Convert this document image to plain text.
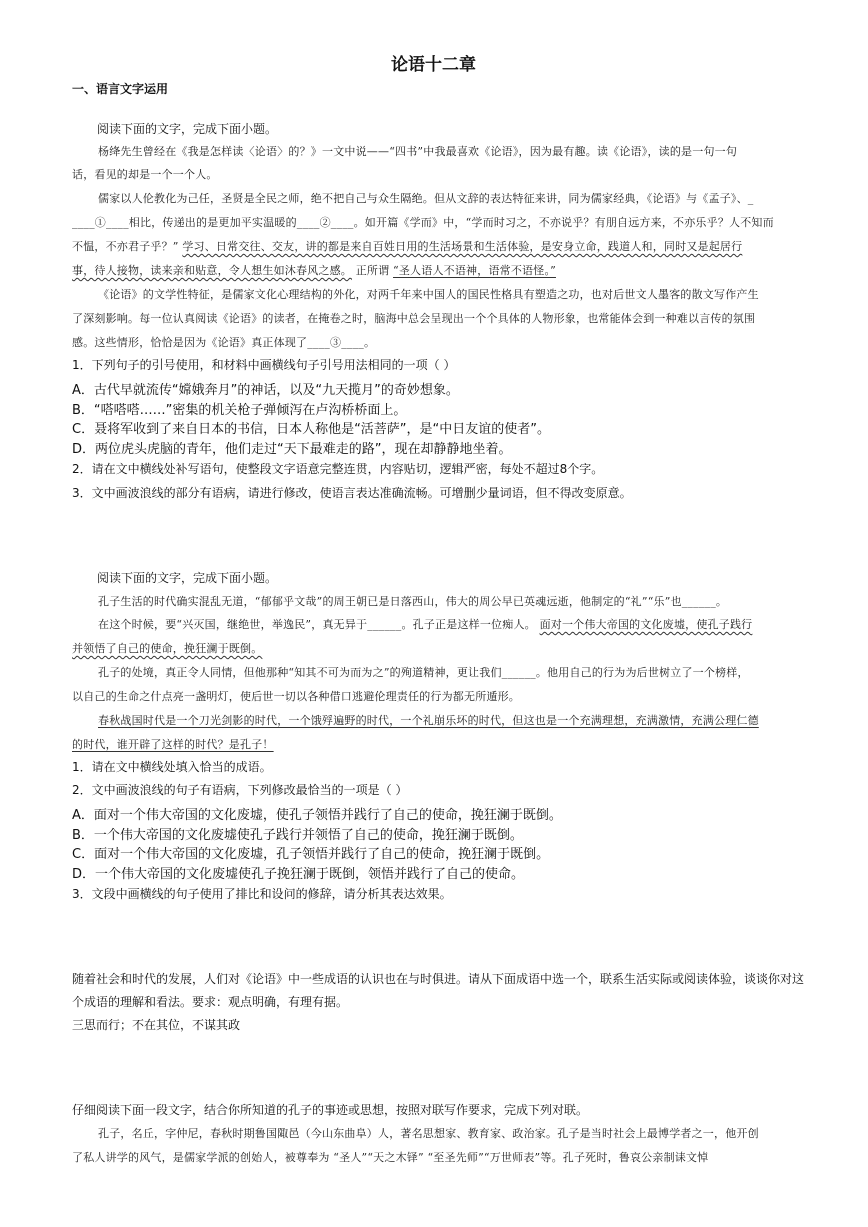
论语十二章
一、语言文字运用
阅读下面的文字，完成下面小题。
杨绛先生曾经在《我是怎样读〈论语〉的？》一文中说——“四书”中我最喜欢《论语》，因为最有趣。读《论语》，读的是一句一句
话，看见的却是一个一个人。
儒家以人伦教化为己任，圣贤是全民之师，绝不把自己与众生隔绝。但从文辞的表达特征来讲，同为儒家经典，《论语》与《孟子》、_
____①____相比，传递出的是更加平实温暖的____②____。如开篇《学而》中，“学而时习之，不亦说乎？有朋自远方来，不亦乐乎？人不知而
不愠，不亦君子乎？” 学习、日常交往、交友，讲的都是来自百姓日用的生活场景和生活体验，是安身立命，践道人和，同时又是起居行
事，待人接物，读来亲和贴意，令人想生如沐春风之感。 正所谓 “圣人语人不语神，语常不语怪。”
《论语》的文学性特征，是儒家文化心理结构的外化，对两千年来中国人的国民性格具有塑造之功，也对后世文人墨客的散文写作产生
了深刻影响。每一位认真阅读《论语》的读者，在掩卷之时，脑海中总会呈现出一个个具体的人物形象，也常能体会到一种难以言传的氛围
感。这些情形，恰恰是因为《论语》真正体现了____③____。
1．下列句子的引号使用，和材料中画横线句子引号用法相同的一项（ ）
A．古代早就流传“嫦娥奔月”的神话，以及“九天揽月”的奇妙想象。
B．“嗒嗒嗒……”密集的机关枪子弹倾泻在卢沟桥桥面上。
C．聂将军收到了来自日本的书信，日本人称他是“活菩萨”，是“中日友谊的使者”。
D．两位虎头虎脑的青年，他们走过“天下最难走的路”，现在却静静地坐着。
2．请在文中横线处补写语句，使整段文字语意完整连贯，内容贴切，逻辑严密，每处不超过8个字。
3．文中画波浪线的部分有语病，请进行修改，使语言表达准确流畅。可增删少量词语，但不得改变原意。
阅读下面的文字，完成下面小题。
孔子生活的时代确实混乱无道，“郁郁乎文哉”的周王朝已是日落西山，伟大的周公早已英魂远逝，他制定的“礼”“乐”也______。
在这个时候，要“兴灭国，继绝世，举逸民”，真无异于______。孔子正是这样一位痴人。 面对一个伟大帝国的文化废墟，使孔子践行
并领悟了自己的使命，挽狂澜于既倒。
孔子的处境，真正令人同情，但他那种“知其不可为而为之”的殉道精神，更让我们______。他用自己的行为为后世树立了一个榜样，
以自己的生命之什点亮一盏明灯，使后世一切以各种借口逃避伦理责任的行为都无所遁形。
春秋战国时代是一个刀光剑影的时代，一个饿殍遍野的时代，一个礼崩乐坏的时代，但这也是一个充满理想，充满激情，充满公理仁德
的时代，谁开辟了这样的时代？是孔子！
1．请在文中横线处填入恰当的成语。
2．文中画波浪线的句子有语病，下列修改最恰当的一项是（ ）
A．面对一个伟大帝国的文化废墟，使孔子领悟并践行了自己的使命，挽狂澜于既倒。
B．一个伟大帝国的文化废墟使孔子践行并领悟了自己的使命，挽狂澜于既倒。
C．面对一个伟大帝国的文化废墟，孔子领悟并践行了自己的使命，挽狂澜于既倒。
D．一个伟大帝国的文化废墟使孔子挽狂澜于既倒，领悟并践行了自己的使命。
3．文段中画横线的句子使用了排比和设问的修辞，请分析其表达效果。
随着社会和时代的发展，人们对《论语》中一些成语的认识也在与时俱进。请从下面成语中选一个，联系生活实际或阅读体验，谈谈你对这
个成语的理解和看法。要求：观点明确，有理有据。
三思而行；不在其位，不谋其政
仔细阅读下面一段文字，结合你所知道的孔子的事迹或思想，按照对联写作要求，完成下列对联。
孔子，名丘，字仲尼，春秋时期鲁国陬邑（今山东曲阜）人，著名思想家、教育家、政治家。孔子是当时社会上最博学者之一，他开创
了私人讲学的风气，是儒家学派的创始人，被尊奉为 “圣人”“天之木铎” “至圣先师”“万世师表”等。孔子死时，鲁哀公亲制诔文悼
